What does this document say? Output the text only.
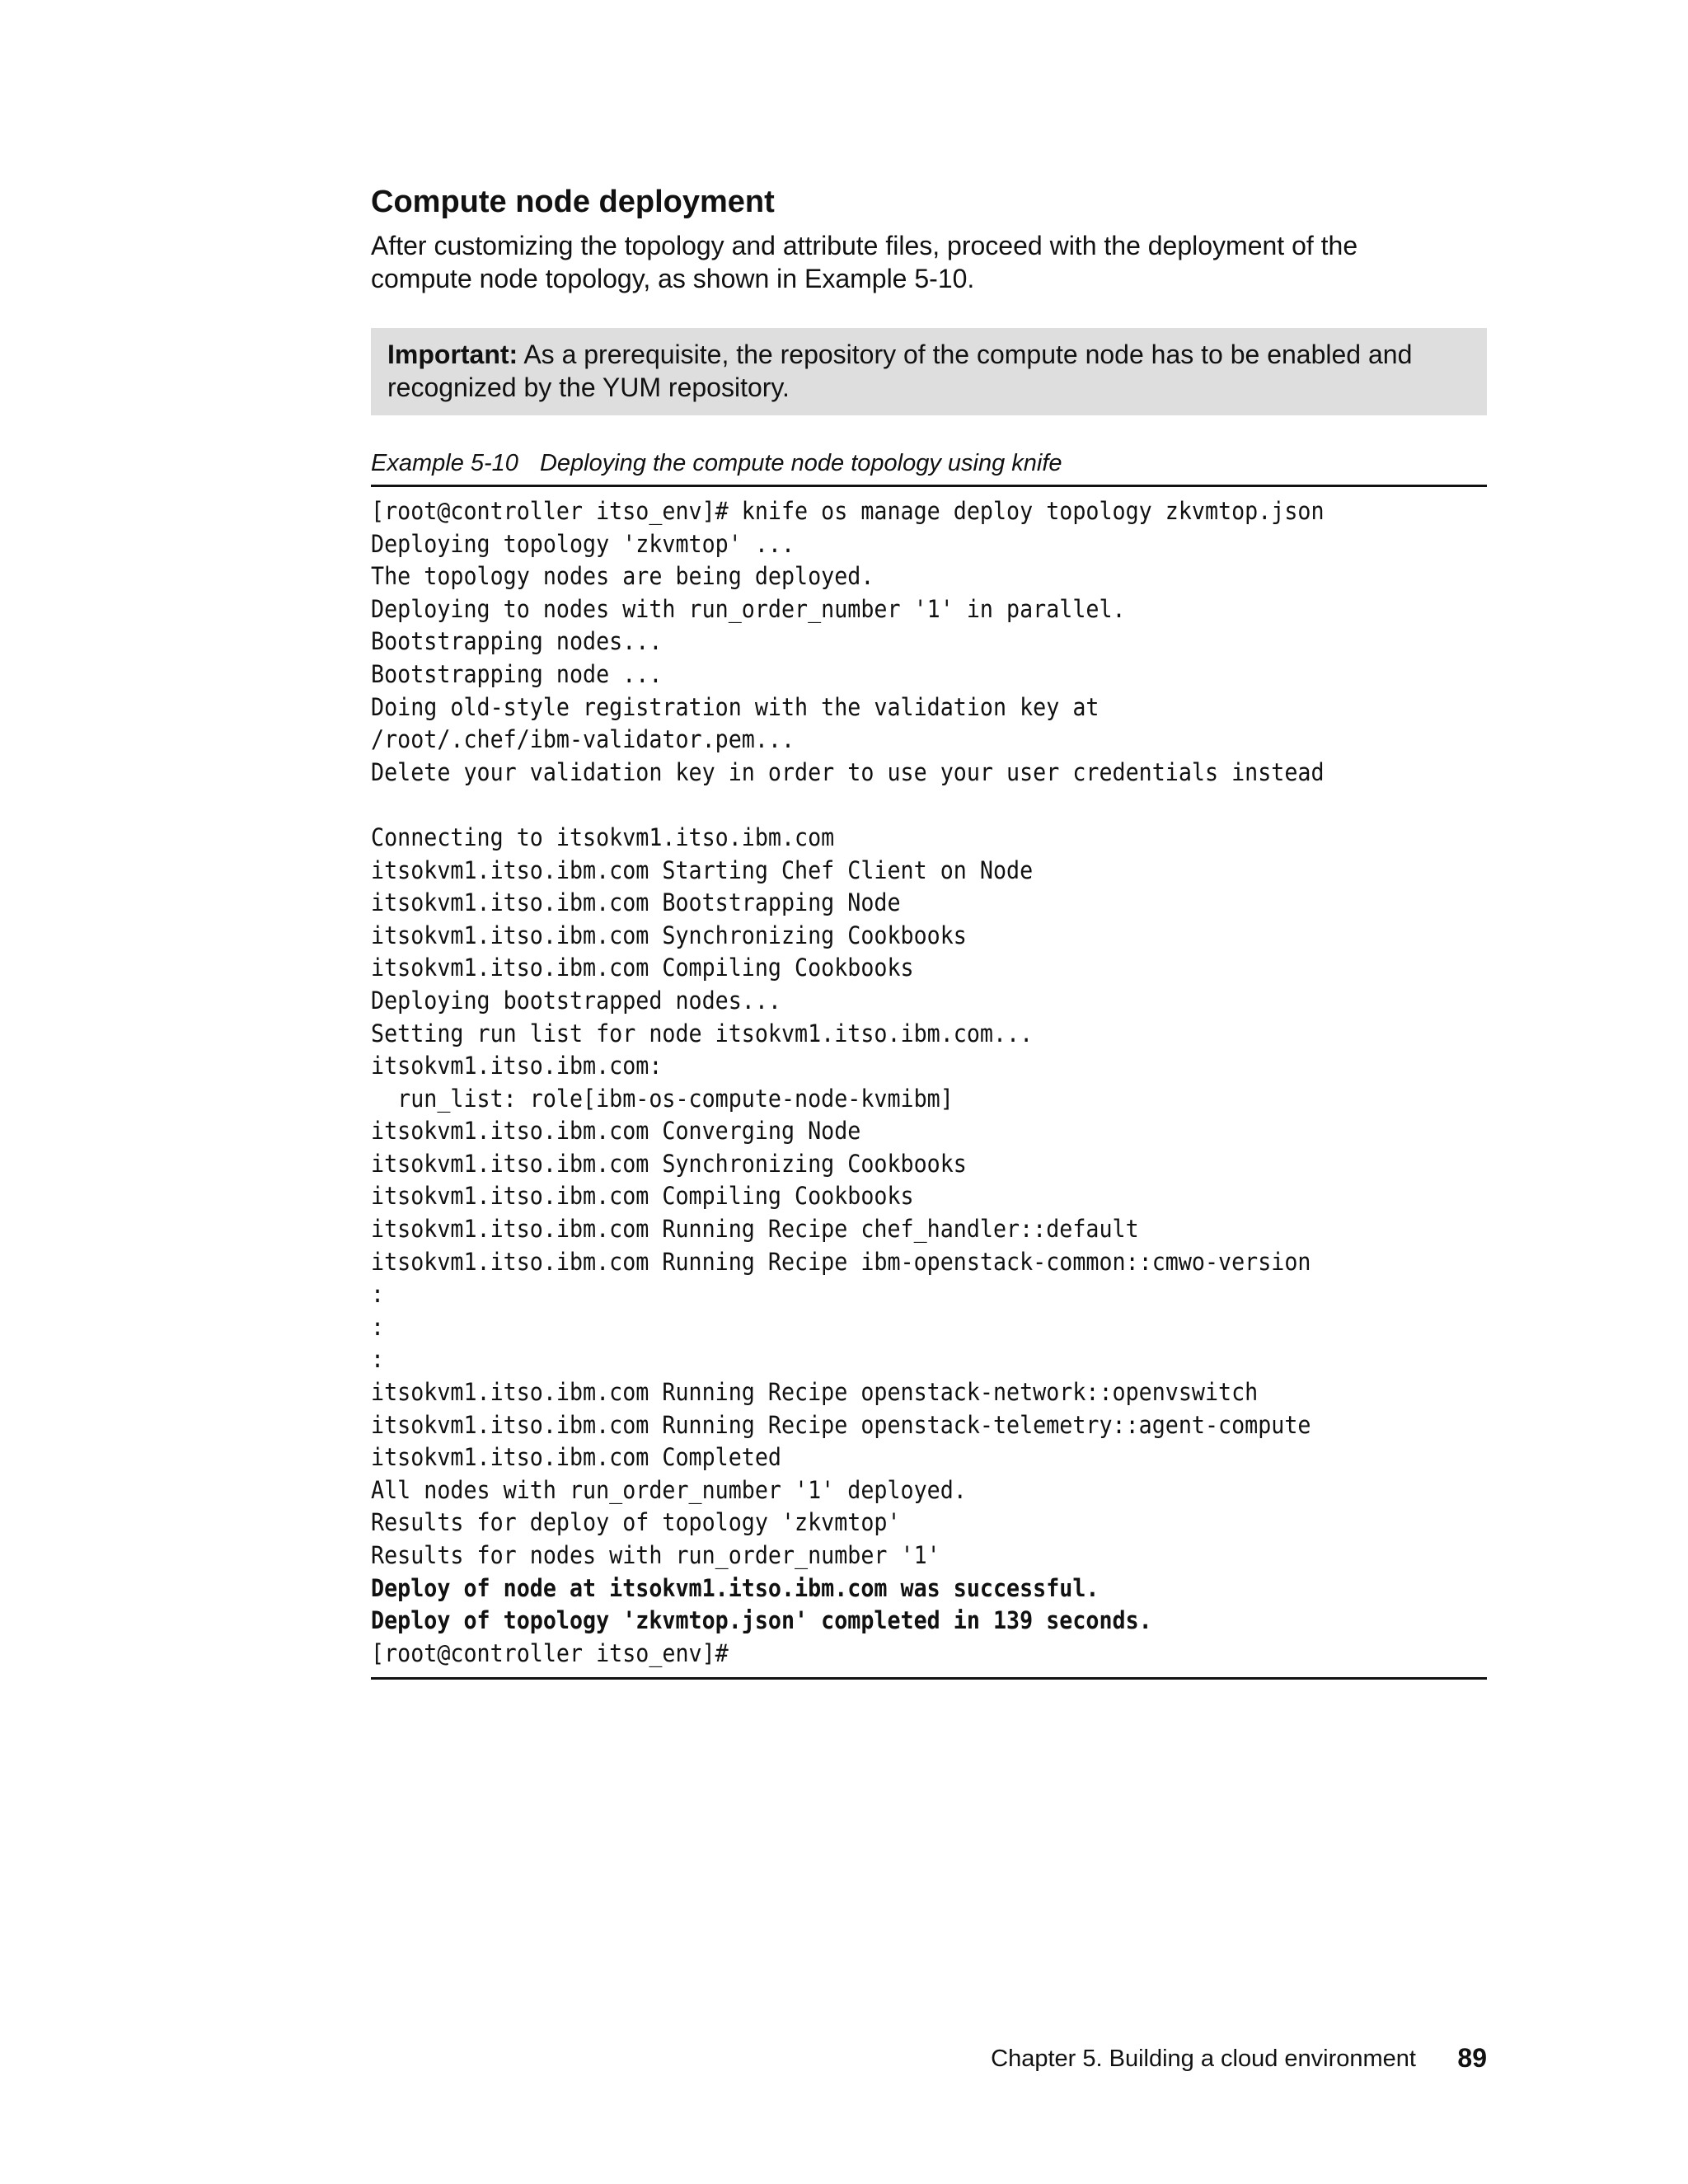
Compute node deployment
After customizing the topology and attribute files, proceed with the deployment of the
compute node topology, as shown in Example 5-10.
Important: As a prerequisite, the repository of the compute node has to be enabled and
recognized by the YUM repository.
Example 5-10 Deploying the compute node topology using knife
[root@controller itso_env]# knife os manage deploy topology zkvmtop.json
Deploying topology 'zkvmtop' ...
The topology nodes are being deployed.
Deploying to nodes with run_order_number '1' in parallel.
Bootstrapping nodes...
Bootstrapping node ...
Doing old-style registration with the validation key at
/root/.chef/ibm-validator.pem...
Delete your validation key in order to use your user credentials instead
Connecting to itsokvm1.itso.ibm.com
itsokvm1.itso.ibm.com Starting Chef Client on Node
itsokvm1.itso.ibm.com Bootstrapping Node
itsokvm1.itso.ibm.com Synchronizing Cookbooks
itsokvm1.itso.ibm.com Compiling Cookbooks
Deploying bootstrapped nodes...
Setting run list for node itsokvm1.itso.ibm.com...
itsokvm1.itso.ibm.com:
run_list: role[ibm-os-compute-node-kvmibm]
itsokvm1.itso.ibm.com Converging Node
itsokvm1.itso.ibm.com Synchronizing Cookbooks
itsokvm1.itso.ibm.com Compiling Cookbooks
itsokvm1.itso.ibm.com Running Recipe chef_handler::default
itsokvm1.itso.ibm.com Running Recipe ibm-openstack-common::cmwo-version
:
:
:
itsokvm1.itso.ibm.com Running Recipe openstack-network::openvswitch
itsokvm1.itso.ibm.com Running Recipe openstack-telemetry::agent-compute
itsokvm1.itso.ibm.com Completed
All nodes with run_order_number '1' deployed.
Results for deploy of topology 'zkvmtop'
Results for nodes with run_order_number '1'
Deploy of node at itsokvm1.itso.ibm.com was successful.
Deploy of topology 'zkvmtop.json' completed in 139 seconds.
[root@controller itso_env]#
Chapter 5. Building a cloud environment 89
